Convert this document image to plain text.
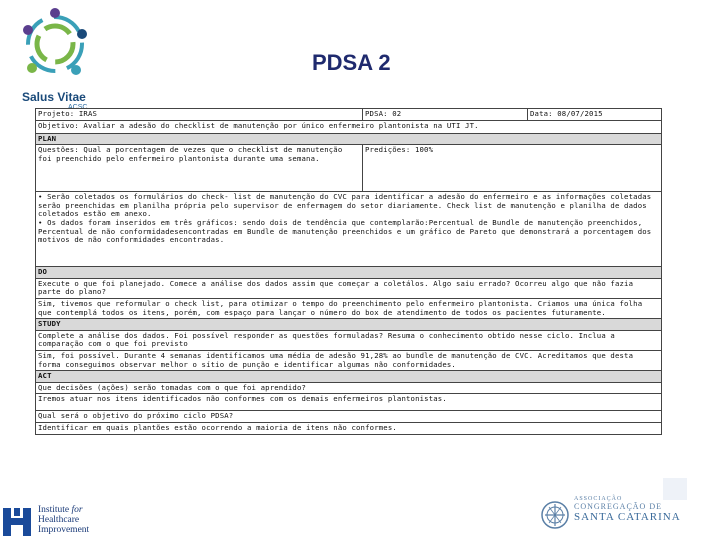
Salus Vitae
ACSC
PDSA 2
Projeto: IRAS	PDSA: 02	Data: 08/07/2015
Objetivo: Avaliar a adesão do checklist de manutenção por único enfermeiro plantonista na UTI JT.		
PLAN		
Questões: Qual a porcentagem de vezes que o checklist de manutenção foi preenchido pelo enfermeiro plantonista durante uma semana.	Predições: 100%	

• Serão coletados os formulários do check- list de manutenção do CVC para identificar a adesão do enfermeiro e as informações coletadas serão preenchidas em planilha própria pelo supervisor de enfermagem do setor diariamente. Check list de manutenção e planilha de dados coletados estão em anexo.

• Os dados foram inseridos em três gráficos: sendo dois de tendência que contemplarão:Percentual de Bundle de manutenção preenchidos, Percentual de não conformidadesencontradas em Bundle de manutenção preenchidos e um gráfico de Pareto que demonstrará a porcentagem dos motivos de não conformidades encontradas.		

DO		
Execute o que foi planejado. Comece a análise dos dados assim que começar a coletálos. Algo saiu errado? Ocorreu algo que não fazia parte do plano?		
Sim, tivemos que reformular o check list, para otimizar o tempo do preenchimento pelo enfermeiro plantonista. Criamos uma única folha que contemplá todos os itens, porém, com espaço para lançar o número do box de atendimento de todos os pacientes futuramente.		
STUDY		
Complete a análise dos dados. Foi possível responder as questões formuladas? Resuma o conhecimento obtido nesse ciclo. Inclua a comparação com o que foi previsto		
Sim, foi possível. Durante 4 semanas identificamos uma média de adesão 91,28% ao bundle de manutenção de CVC. Acreditamos que desta forma conseguimos observar melhor o sítio de punção e identificar algumas não conformidades.		
ACT		
Que decisões (ações) serão tomadas com o que foi aprendido?		
Iremos atuar nos itens identificados não conformes com os demais enfermeiros plantonistas.		
Qual será o objetivo do próximo ciclo PDSA?		
Identificar em quais plantões estão ocorrendo a maioria de itens não conformes.		
Institute for
Healthcare
Improvement
ASSOCIAÇÃO
CONGREGAÇÃO DE
SANTA CATARINA
